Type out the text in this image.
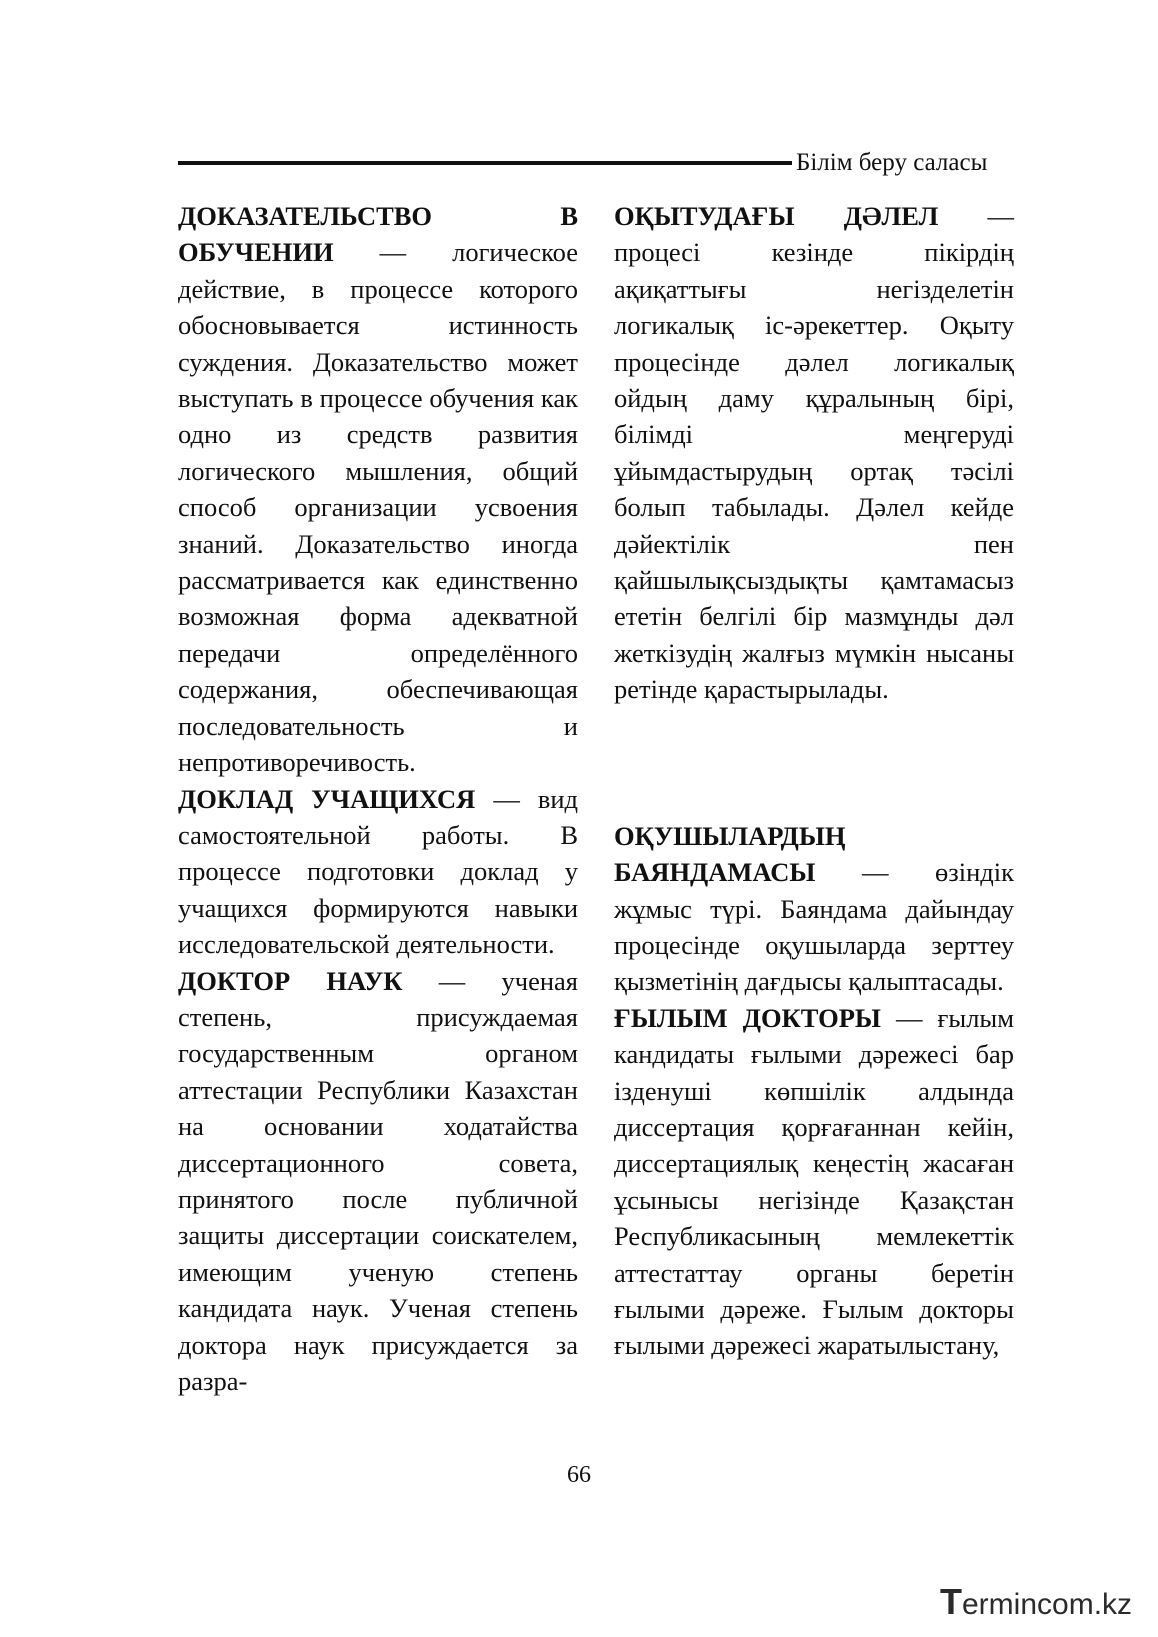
Білім беру саласы

ДОКАЗАТЕЛЬСТВО В ОБУЧЕНИИ — логическое действие, в процессе которого обосновывается истинность суждения. Доказательство может выступать в процессе обучения как одно из средств развития логического мышления, общий способ организации усвоения знаний. Доказательство иногда рассматривается как единственно возможная форма адекватной передачи определённого содержания, обеспечивающая последовательность и непротиворечивость.

ДОКЛАД УЧАЩИХСЯ — вид самостоятельной работы. В процессе подготовки доклад у учащихся формируются навыки исследовательской деятельности.

ДОКТОР НАУК — ученая степень, присуждаемая государственным органом аттестации Республики Казахстан на основании ходатайства диссертационного совета, принятого после публичной защиты диссертации соискателем, имеющим ученую степень кандидата наук. Ученая степень доктора наук присуждается за разра-

ОҚЫТУДАҒЫ ДӘЛЕЛ — процесі кезінде пікірдің ақиқаттығы негізделетін логикалық іс-әрекеттер. Оқыту процесінде дәлел логикалық ойдың даму құралының бірі, білімді меңгеруді ұйымдастырудың ортақ тәсілі болып табылады. Дәлел кейде дәйектілік пен қайшылықсыздықты қамтамасыз ететін белгілі бір мазмұнды дәл жеткізудің жалғыз мүмкін нысаны ретінде қарастырылады.

ОҚУШЫЛАРДЫҢ БАЯНДАМАСЫ — өзіндік жұмыс түрі. Баяндама дайындау процесінде оқушыларда зерттеу қызметінің дағдысы қалыптасады.

ҒЫЛЫМ ДОКТОРЫ — ғылым кандидаты ғылыми дәрежесі бар ізденуші көпшілік алдында диссертация қорғағаннан кейін, диссертациялық кеңестің жасаған ұсынысы негізінде Қазақстан Республикасының мемлекеттік аттестаттау органы беретін ғылыми дәреже. Ғылым докторы ғылыми дәрежесі жаратылыстану,

66
Termincom.kz
